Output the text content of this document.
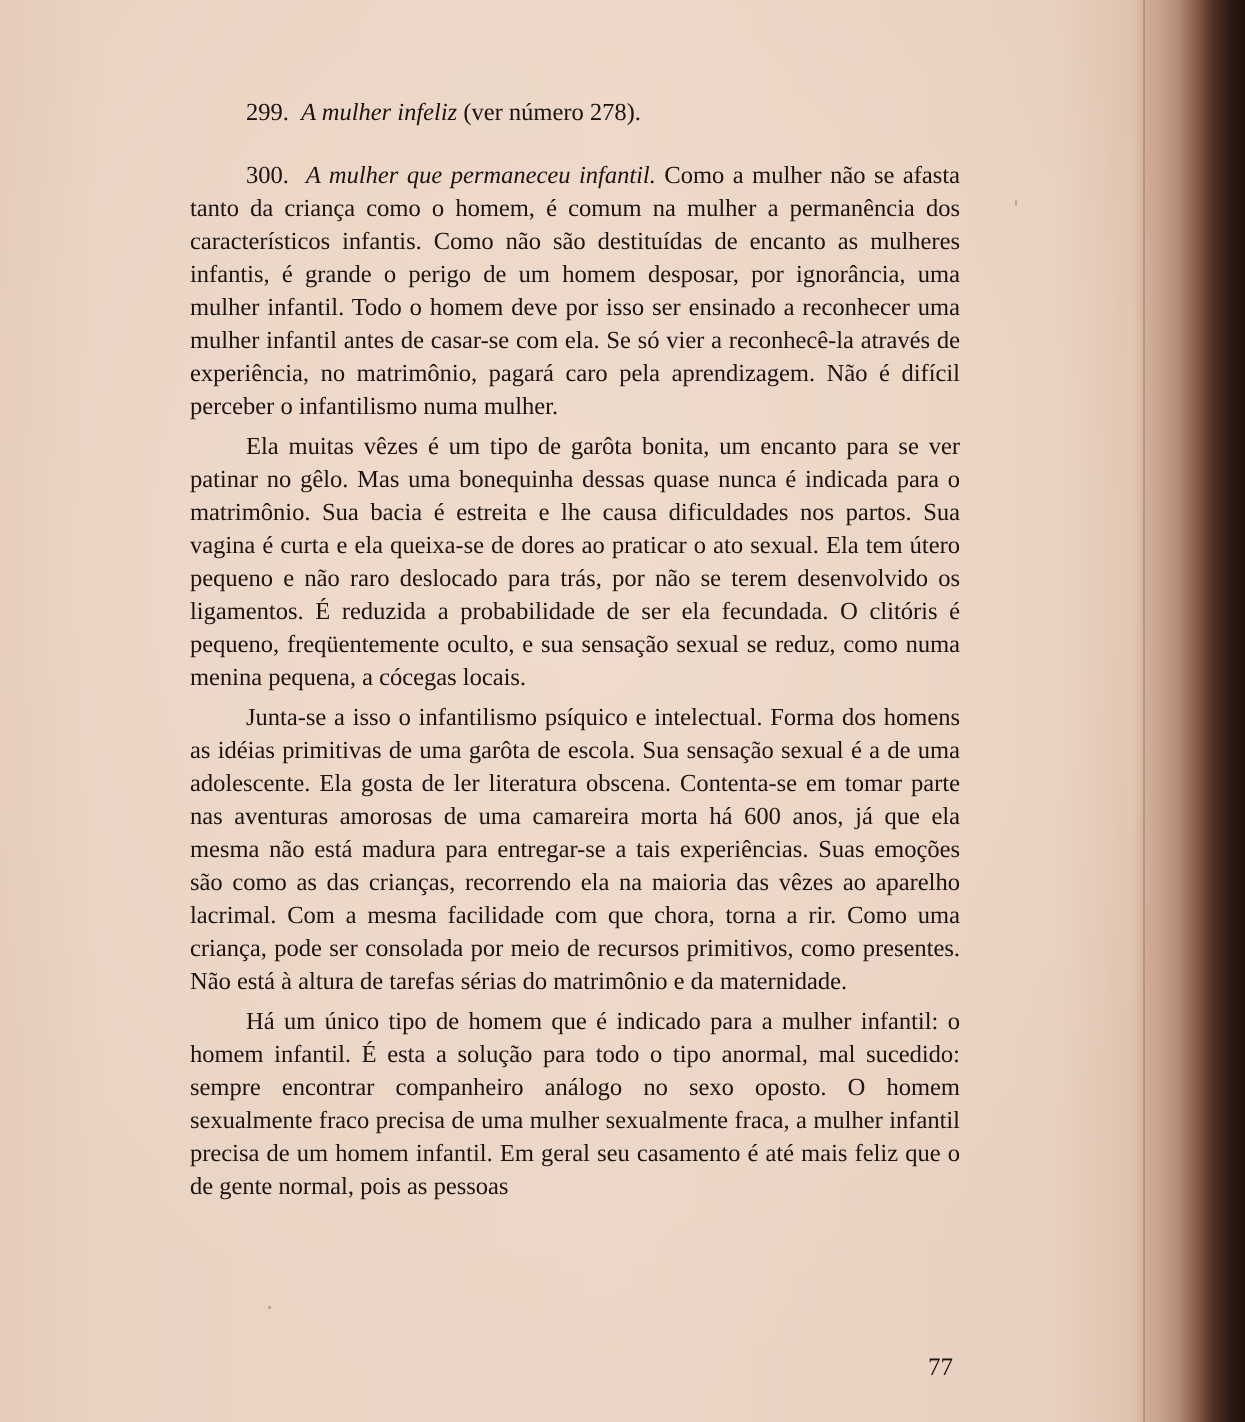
299. A mulher infeliz (ver número 278).

300. A mulher que permaneceu infantil. Como a mulher não se afasta tanto da criança como o homem, é comum na mulher a permanência dos característicos infantis. Como não são destituídas de encanto as mulheres infantis, é grande o perigo de um homem desposar, por ignorância, uma mulher infantil. Todo o homem deve por isso ser ensinado a reconhecer uma mulher infantil antes de casar-se com ela. Se só vier a reconhecê-la através de experiência, no matrimônio, pagará caro pela aprendizagem. Não é difícil perceber o infantilismo numa mulher.

Ela muitas vêzes é um tipo de garôta bonita, um encanto para se ver patinar no gêlo. Mas uma bonequinha dessas quase nunca é indicada para o matrimônio. Sua bacia é estreita e lhe causa dificuldades nos partos. Sua vagina é curta e ela queixa-se de dores ao praticar o ato sexual. Ela tem útero pequeno e não raro deslocado para trás, por não se terem desenvolvido os ligamentos. É reduzida a probabilidade de ser ela fecundada. O clitóris é pequeno, freqüentemente oculto, e sua sensação sexual se reduz, como numa menina pequena, a cócegas locais.

Junta-se a isso o infantilismo psíquico e intelectual. Forma dos homens as idéias primitivas de uma garôta de escola. Sua sensação sexual é a de uma adolescente. Ela gosta de ler literatura obscena. Contenta-se em tomar parte nas aventuras amorosas de uma camareira morta há 600 anos, já que ela mesma não está madura para entregar-se a tais experiências. Suas emoções são como as das crianças, recorrendo ela na maioria das vêzes ao aparelho lacrimal. Com a mesma facilidade com que chora, torna a rir. Como uma criança, pode ser consolada por meio de recursos primitivos, como presentes. Não está à altura de tarefas sérias do matrimônio e da maternidade.

Há um único tipo de homem que é indicado para a mulher infantil: o homem infantil. É esta a solução para todo o tipo anormal, mal sucedido: sempre encontrar companheiro análogo no sexo oposto. O homem sexualmente fraco precisa de uma mulher sexualmente fraca, a mulher infantil precisa de um homem infantil. Em geral seu casamento é até mais feliz que o de gente normal, pois as pessoas

77
